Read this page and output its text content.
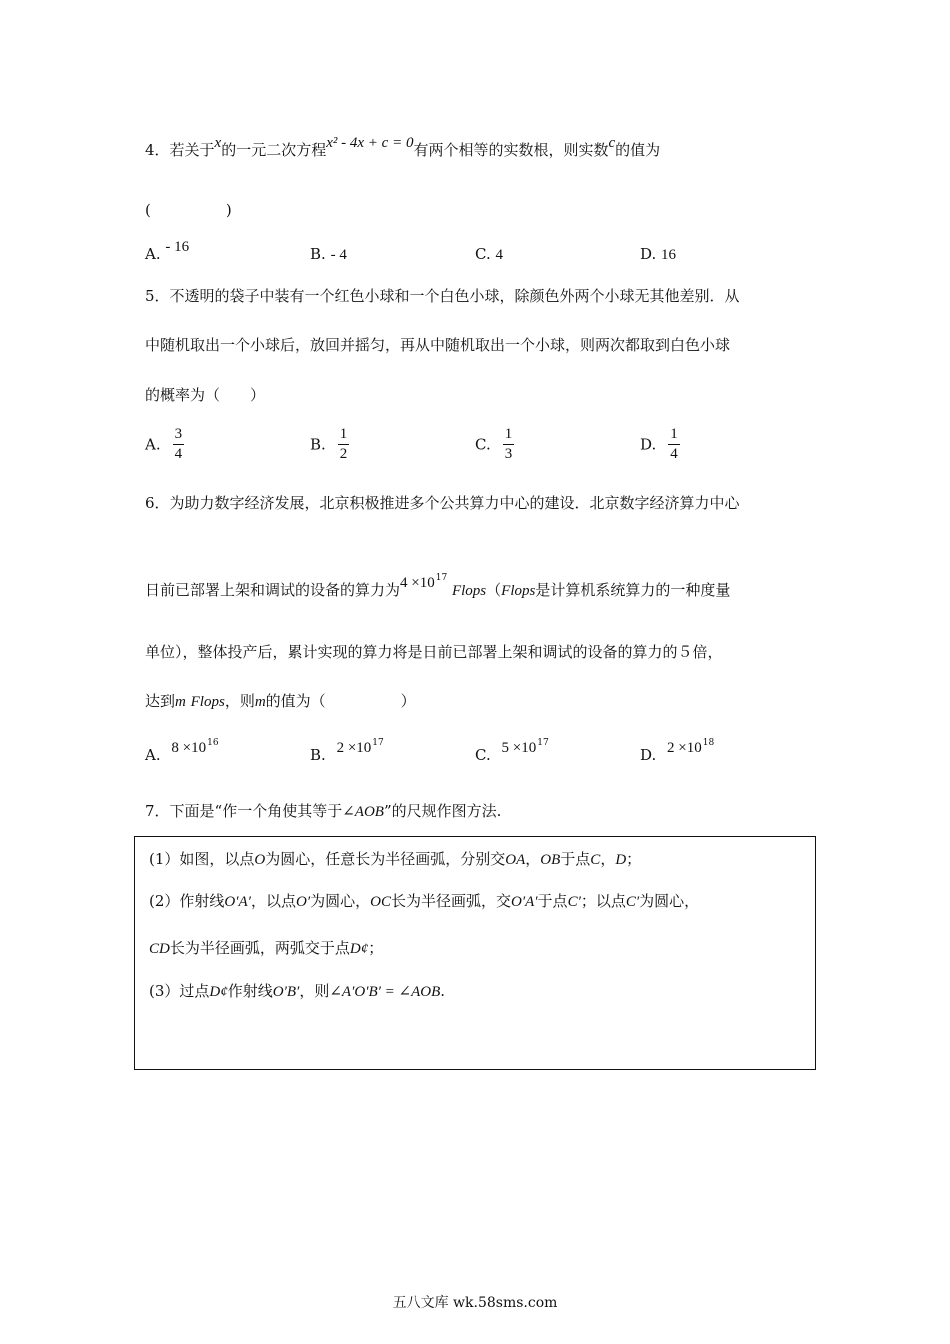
4．若关于x的一元二次方程x² - 4x + c = 0有两个相等的实数根，则实数c的值为
(　　　　　)
A. - 16	B. - 4	C. 4	D. 16
5．不透明的袋子中装有一个红色小球和一个白色小球，除颜色外两个小球无其他差别．从
中随机取出一个小球后，放回并摇匀，再从中随机取出一个小球，则两次都取到白色小球
的概率为（　　）
A. $\frac{3}{4}$	B. $\frac{1}{2}$	C. $\frac{1}{3}$	D. $\frac{1}{4}$
6．为助力数字经济发展，北京积极推进多个公共算力中心的建设．北京数字经济算力中心
日前已部署上架和调试的设备的算力为$4 \times 10^{17}$ Flops（Flops是计算机系统算力的一种度量
单位），整体投产后，累计实现的算力将是日前已部署上架和调试的设备的算力的５倍，
达到m Flops，则m的值为（　　　　　）
A. $8 \times 10^{16}$
B. $2 \times 10^{17}$
C. $5 \times 10^{17}$
D. $2 \times 10^{18}$
7．下面是“作一个角使其等于∠AOB”的尺规作图方法.
(1）如图，以点O为圆心，任意长为半径画弧，分别交OA，OB于点C，D；
(2）作射线O′A′，以点O′为圆心，OC长为半径画弧，交O′A′于点C′；以点C′为圆心，
CD长为半径画弧，两弧交于点D¢；
(3）过点D¢作射线O′B′，则∠A′O′B′ = ∠AOB.
五八文库 wk.58sms.com
